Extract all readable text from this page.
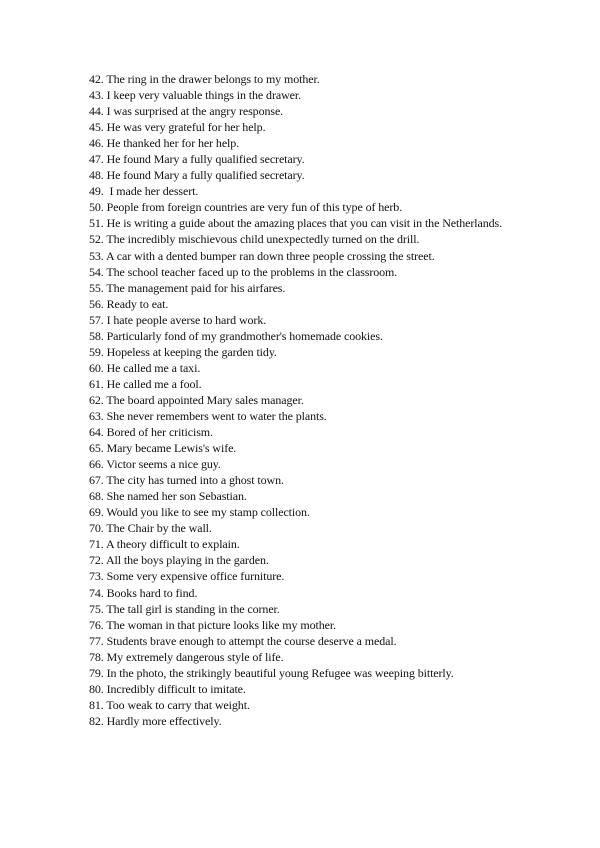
42. The ring in the drawer belongs to my mother.
43. I keep very valuable things in the drawer.
44. I was surprised at the angry response.
45. He was very grateful for her help.
46. He thanked her for her help.
47. He found Mary a fully qualified secretary.
48. He found Mary a fully qualified secretary.
49.  I made her dessert.
50. People from foreign countries are very fun of this type of herb.
51. He is writing a guide about the amazing places that you can visit in the Netherlands.
52. The incredibly mischievous child unexpectedly turned on the drill.
53. A car with a dented bumper ran down three people crossing the street.
54. The school teacher faced up to the problems in the classroom.
55. The management paid for his airfares.
56. Ready to eat.
57. I hate people averse to hard work.
58. Particularly fond of my grandmother's homemade cookies.
59. Hopeless at keeping the garden tidy.
60. He called me a taxi.
61. He called me a fool.
62. The board appointed Mary sales manager.
63. She never remembers went to water the plants.
64. Bored of her criticism.
65. Mary became Lewis's wife.
66. Victor seems a nice guy.
67. The city has turned into a ghost town.
68. She named her son Sebastian.
69. Would you like to see my stamp collection.
70. The Chair by the wall.
71. A theory difficult to explain.
72. All the boys playing in the garden.
73. Some very expensive office furniture.
74. Books hard to find.
75. The tall girl is standing in the corner.
76. The woman in that picture looks like my mother.
77. Students brave enough to attempt the course deserve a medal.
78. My extremely dangerous style of life.
79. In the photo, the strikingly beautiful young Refugee was weeping bitterly.
80. Incredibly difficult to imitate.
81. Too weak to carry that weight.
82. Hardly more effectively.
